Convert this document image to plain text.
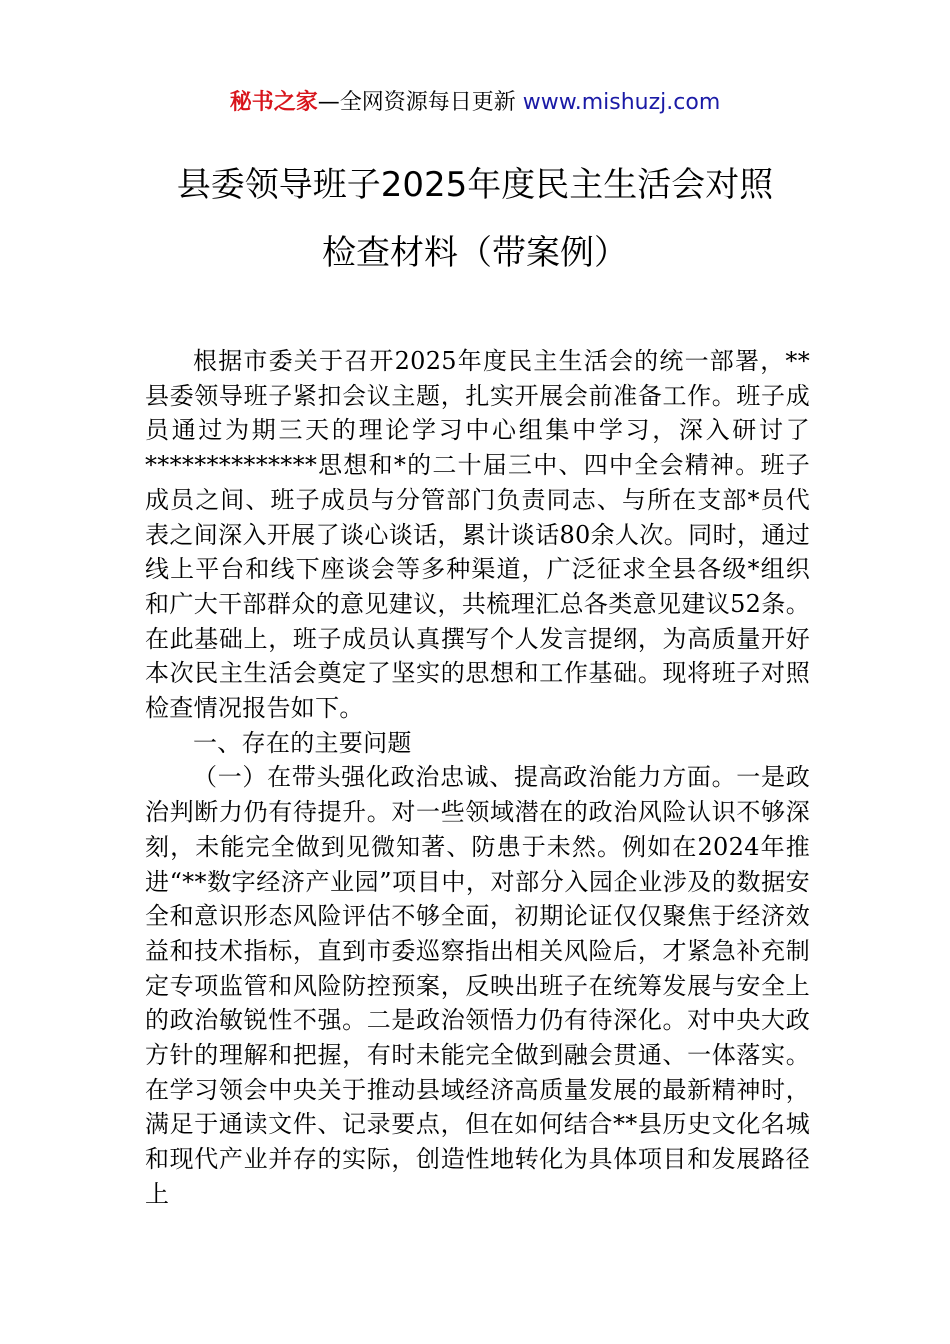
秘书之家—全网资源每日更新 www.mishuzj.com
县委领导班子2025年度民主生活会对照
检查材料（带案例）

根据市委关于召开2025年度民主生活会的统一部署，**县委领导班子紧扣会议主题，扎实开展会前准备工作。班子成员通过为期三天的理论学习中心组集中学习，深入研讨了**************思想和*的二十届三中、四中全会精神。班子成员之间、班子成员与分管部门负责同志、与所在支部*员代表之间深入开展了谈心谈话，累计谈话80余人次。同时，通过线上平台和线下座谈会等多种渠道，广泛征求全县各级*组织和广大干部群众的意见建议，共梳理汇总各类意见建议52条。在此基础上，班子成员认真撰写个人发言提纲，为高质量开好本次民主生活会奠定了坚实的思想和工作基础。现将班子对照检查情况报告如下。

一、存在的主要问题

（一）在带头强化政治忠诚、提高政治能力方面。一是政治判断力仍有待提升。对一些领域潜在的政治风险认识不够深刻，未能完全做到见微知著、防患于未然。例如在2024年推进“**数字经济产业园”项目中，对部分入园企业涉及的数据安全和意识形态风险评估不够全面，初期论证仅仅聚焦于经济效益和技术指标，直到市委巡察指出相关风险后，才紧急补充制定专项监管和风险防控预案，反映出班子在统筹发展与安全上的政治敏锐性不强。二是政治领悟力仍有待深化。对中央大政方针的理解和把握，有时未能完全做到融会贯通、一体落实。在学习领会中央关于推动县域经济高质量发展的最新精神时，满足于通读文件、记录要点，但在如何结合**县历史文化名城和现代产业并存的实际，创造性地转化为具体项目和发展路径上
